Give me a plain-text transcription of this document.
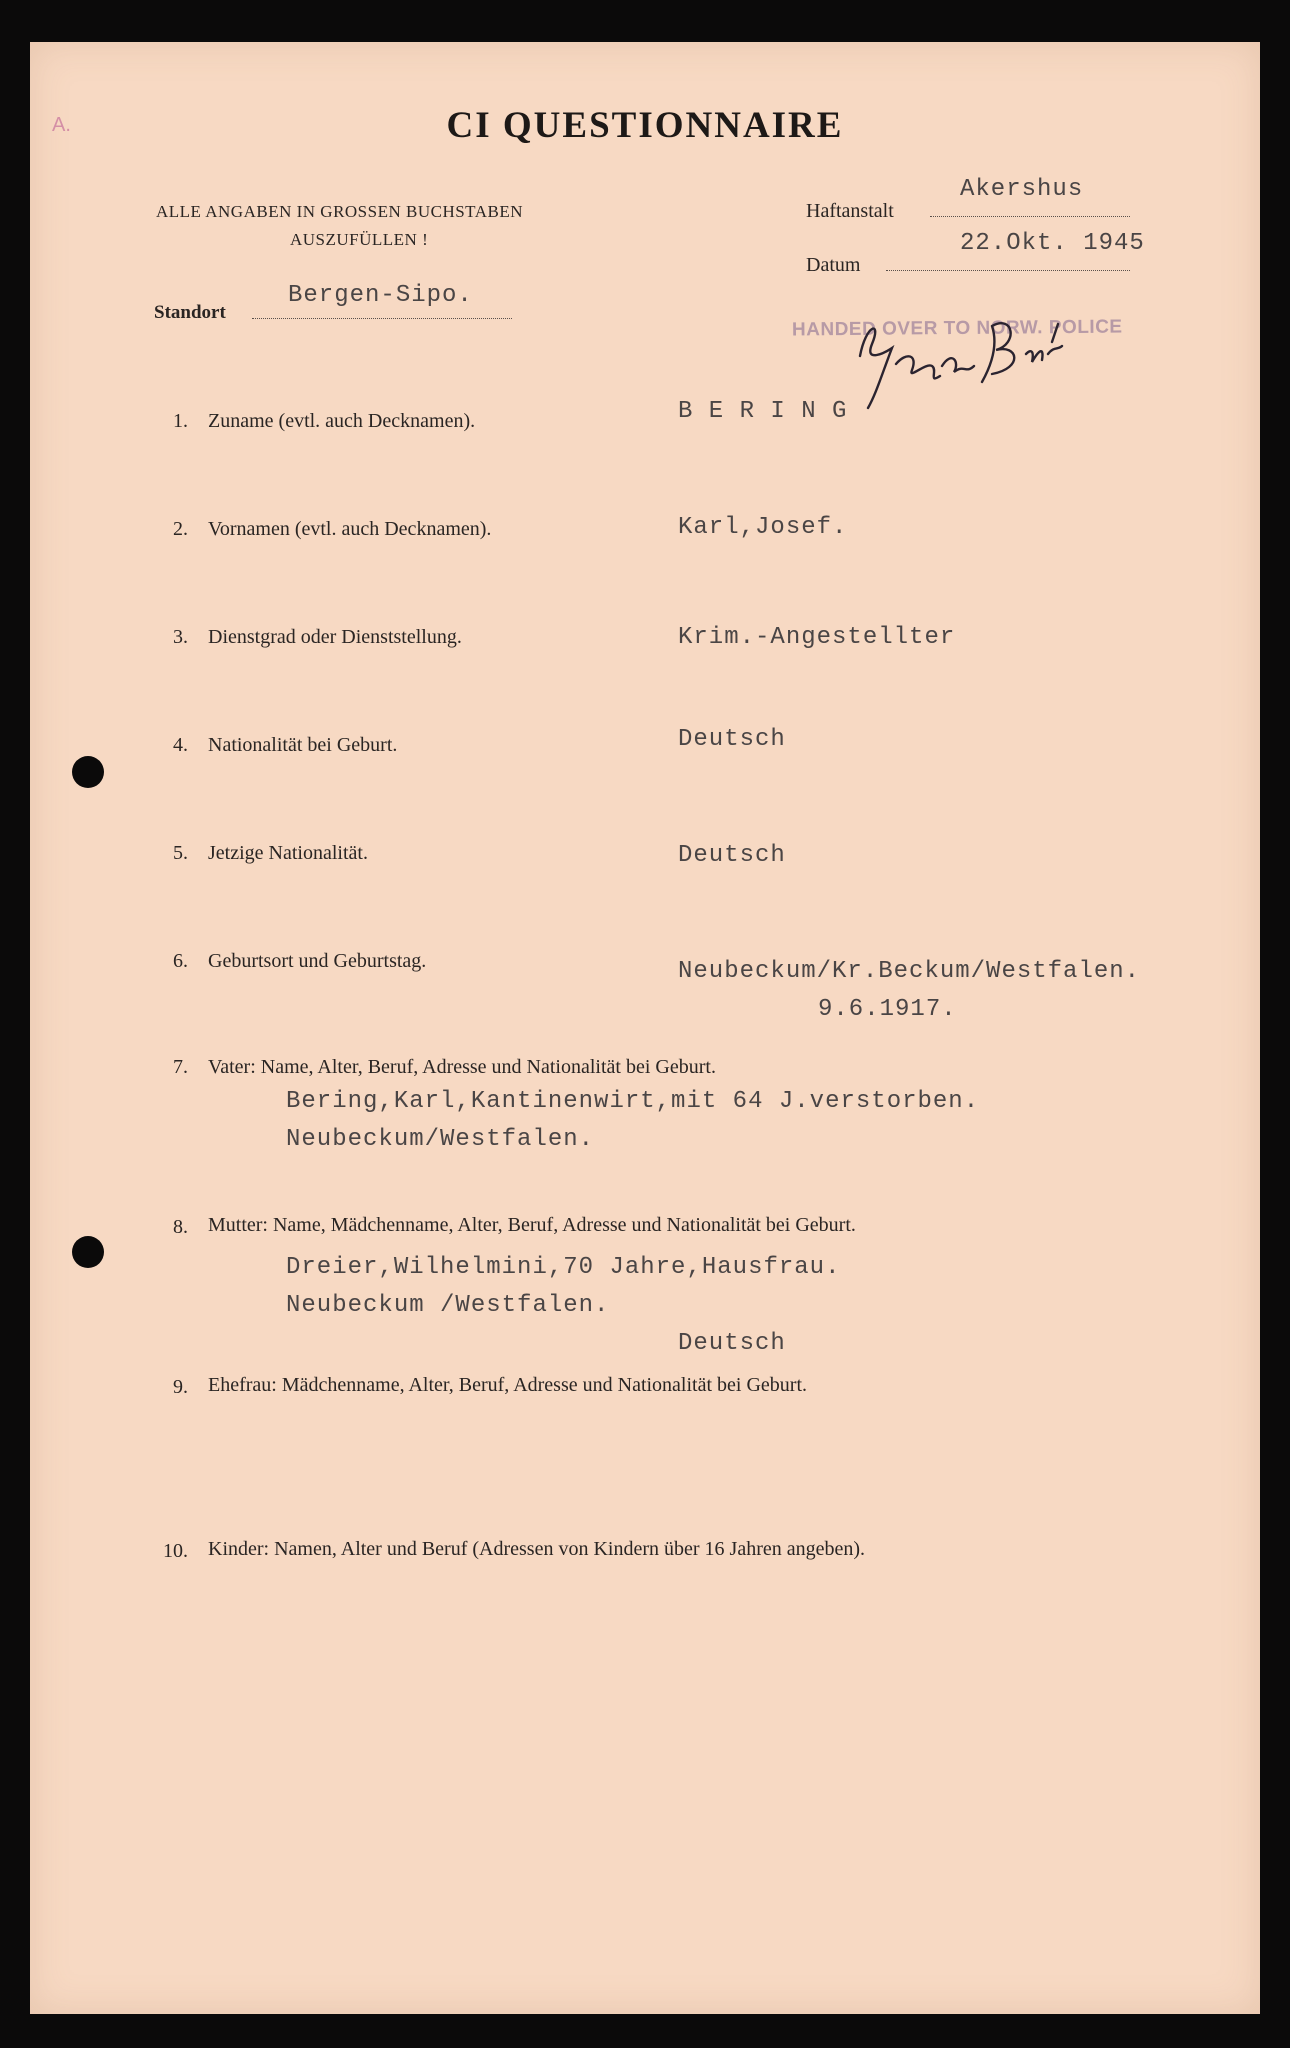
A.	CI QUESTIONNAIRE
ALLE ANGABEN IN GROSSEN BUCHSTABEN
AUSZUFÜLLEN !
Standort
Bergen-Sipo.
Haftanstalt
Akershus
Datum
22.Okt. 1945
HANDED OVER TO NORW. POLICE
1. Zuname (evtl. auch Decknamen).	B E R I N G
2. Vornamen (evtl. auch Decknamen).	Karl,Josef.
3. Dienstgrad oder Dienststellung.	Krim.-Angestellter
4. Nationalität bei Geburt.	Deutsch
5. Jetzige Nationalität.	Deutsch
6. Geburtsort und Geburtstag.	Neubeckum/Kr.Beckum/Westfalen.
9.6.1917.
7. Vater: Name, Alter, Beruf, Adresse und Nationalität bei Geburt.
Bering,Karl,Kantinenwirt,mit 64 J.verstorben.
Neubeckum/Westfalen.
8. Mutter: Name, Mädchenname, Alter, Beruf, Adresse und Nationalität bei Geburt.
Dreier,Wilhelmini,70 Jahre,Hausfrau.
Neubeckum /Westfalen.
Deutsch
9. Ehefrau: Mädchenname, Alter, Beruf, Adresse und Nationalität bei Geburt.
10. Kinder: Namen, Alter und Beruf (Adressen von Kindern über 16 Jahren angeben).
